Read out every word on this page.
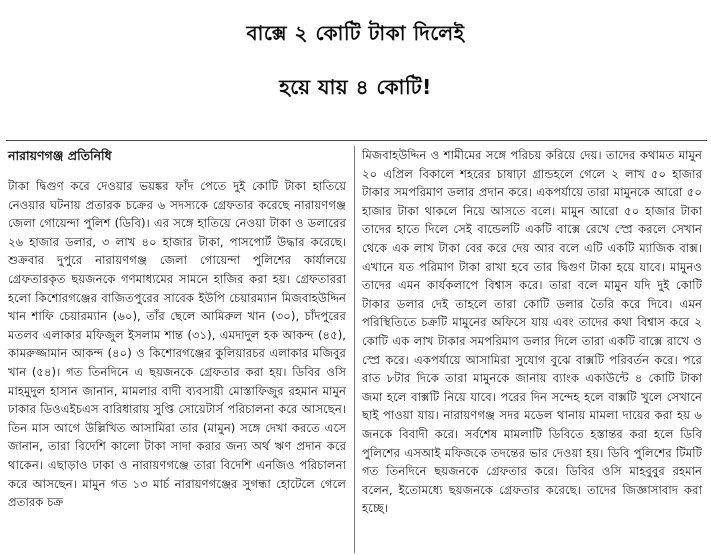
বাক্সে ২ কোটি টাকা দিলেই
হয়ে যায় ৪ কোটি!
নারায়ণগঞ্জ প্রতিনিধি

টাকা দ্বিগুণ করে দেওয়ার ভয়ঙ্কর ফাঁদ পেতে দুই কোটি টাকা হাতিয়ে নেওয়ার ঘটনায় প্রতারক চক্রের ৬ সদস্যকে গ্রেফতার করেছে নারায়ণগঞ্জ জেলা গোয়েন্দা পুলিশ (ডিবি)। এর সঙ্গে হাতিয়ে নেওয়া টাকা ও ডলারের ২৬ হাজার ডলার, ৩ লাখ ৪০ হাজার টাকা, পাসপোর্ট উদ্ধার করেছে। শুক্রবার দুপুরে নারায়ণগঞ্জ জেলা গোয়েন্দা পুলিশের কার্যালয়ে গ্রেফতারকৃত ছয়জনকে গণমাধ্যমের সামনে হাজির করা হয়। গ্রেফতাররা হলো কিশোরগঞ্জের বাজিতপুরের সাবেক ইউপি চেয়ারম্যান মিজবাহউদ্দিন খান শাফি চেয়ারম্যান (৬০), তাঁর ছেলে আমিরুল খান (৩০), চাঁদপুরের মতলব এলাকার মফিজুল ইসলাম শান্ত (৩১), এমদাদুল হক আকন্দ (৪৫), কামরুজ্জামান আকন্দ (৪০) ও কিশোরগঞ্জের কুলিয়ারচর এলাকার মজিবুর খান (৫৪)। গত তিনদিনে এ ছয়জনকে গ্রেফতার করা হয়। ডিবির ওসি মাহমুদুল হাসান জানান, মামলার বাদী ব্যবসায়ী মোস্তাফিজুর রহমান মামুন ঢাকার ডিওএইচএস বারিধারায় সুপ্তি সোয়েটার্স পরিচালনা করে আসছেন। তিন মাস আগে উল্লিখিত আসামিরা তার (মামুন) সঙ্গে দেখা করতে এসে জানান, তারা বিদেশি কালো টাকা সাদা করার জন্য অর্থ ঋণ প্রদান করে থাকেন। এছাড়াও ঢাকা ও নারায়ণগঞ্জে তারা বিদেশি এনজিও পরিচালনা করে আসছেন। মামুন গত ১৩ মার্চ নারায়ণগঞ্জের সুগন্ধা হোটেলে গেলে প্রতারক চক্র

মিজবাহউদ্দিন ও শামীমের সঙ্গে পরিচয় করিয়ে দেয়। তাদের কথামত মামুন ২০ এপ্রিল বিকালে শহরের চাষাঢ়া গ্রান্ডহলে গেলে ২ লাখ ৫০ হাজার টাকার সমপরিমাণ ডলার প্রদান করে। একপর্যায়ে তারা মামুনকে আরো ৫০ হাজার টাকা থাকলে নিয়ে আসতে বলে। মামুন আরো ৫০ হাজার টাকা তাদের হাতে দিলে সেই বান্ডেলটি একটি বাক্সে রেখে স্প্রে করলে সেখান থেকে এক লাখ টাকা বের করে দেয় আর বলে এটি একটি ম্যাজিক বাক্স। এখানে যত পরিমাণ টাকা রাখা হবে তার দ্বিগুণ টাকা হয়ে যাবে। মামুনও তাদের এমন কার্যকলাপে বিশ্বাস করে। তারা বলে মামুন যদি দুই কোটি টাকার ডলার দেই তাহলে তারা কোটি ডলার তৈরি করে দিবে। এমন পরিস্থিতিতে চক্রটি মামুনের অফিসে যায় এবং তাদের কথা বিশ্বাস করে ২ কোটি এক লাখ টাকার সমপরিমাণ ডলার দিলে তারা একটি বাক্সে রাখে ও স্প্রে করে। একপর্যায়ে আসামিরা সুযোগ বুঝে বাক্সটি পরিবর্তন করে। পরে রাত ৮টার দিকে তারা মামুনকে জানায় ব্যাংক একাউন্টে ৪ কোটি টাকা জমা হলে বাক্সটি নিয়ে যাবে। পরের দিন সন্দেহ হলে বাক্সটি খুলে সেখানে ছাই পাওয়া যায়। নারায়ণগঞ্জ সদর মডেল থানায় মামলা দায়ের করা হয় ৬ জনকে বিবাদী করে। সর্বশেষ মামলাটি ডিবিতে হস্তান্তর করা হলে ডিবি পুলিশের এসআই মফিজকে তদন্তের ভার দেওয়া হয়। ডিবি পুলিশের টিমটি গত তিনদিনে ছয়জনকে গ্রেফতার করে। ডিবির ওসি মাহবুবুর রহমান বলেন, ইতোমধ্যে ছয়জনকে গ্রেফতার করেছে। তাদের জিজ্ঞাসাবাদ করা হচ্ছে।
